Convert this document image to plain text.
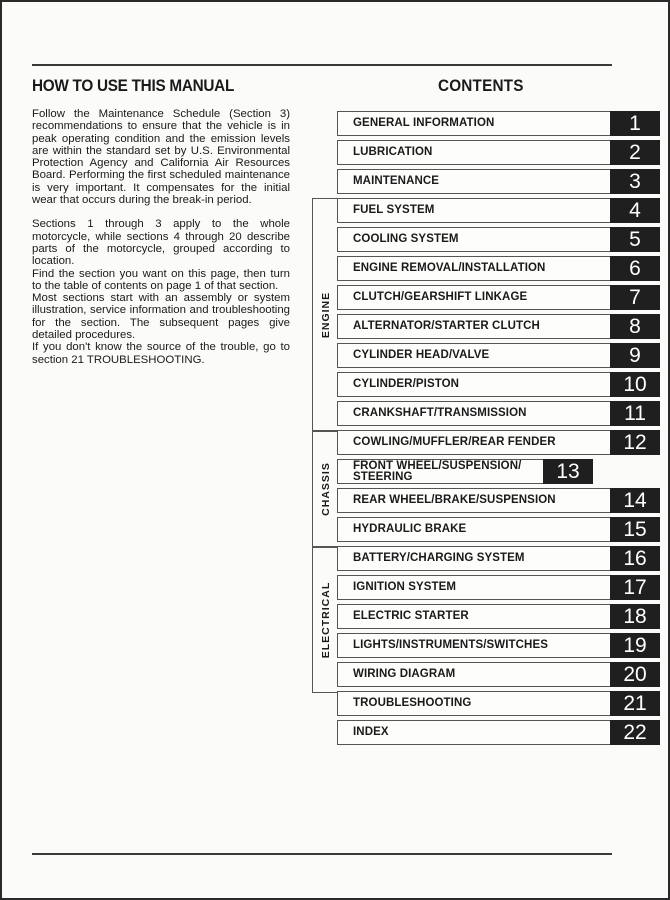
HOW TO USE THIS MANUAL

Follow the Maintenance Schedule (Section 3) recommendations to ensure that the vehicle is in peak operating condition and the emission levels are within the standard set by U.S. Environmental Protection Agency and California Air Resources Board. Performing the first scheduled maintenance is very important. It compensates for the initial wear that occurs during the break-in period.

Sections 1 through 3 apply to the whole motorcycle, while sections 4 through 20 describe parts of the motorcycle, grouped according to location.

Find the section you want on this page, then turn to the table of contents on page 1 of that section.

Most sections start with an assembly or system illustration, service information and troubleshooting for the section. The subsequent pages give detailed procedures.

If you don't know the source of the trouble, go to section 21 TROUBLESHOOTING.

CONTENTS
ENGINE
CHASSIS
ELECTRICAL
GENERAL INFORMATION	1
LUBRICATION	2
MAINTENANCE	3
FUEL SYSTEM	4
COOLING SYSTEM	5
ENGINE REMOVAL/INSTALLATION	6
CLUTCH/GEARSHIFT LINKAGE	7
ALTERNATOR/STARTER CLUTCH	8
CYLINDER HEAD/VALVE	9
CYLINDER/PISTON	10
CRANKSHAFT/TRANSMISSION	11
COWLING/MUFFLER/REAR FENDER	12
FRONT WHEEL/SUSPENSION/ STEERING	13
REAR WHEEL/BRAKE/SUSPENSION	14
HYDRAULIC BRAKE	15
BATTERY/CHARGING SYSTEM	16
IGNITION SYSTEM	17
ELECTRIC STARTER	18
LIGHTS/INSTRUMENTS/SWITCHES	19
WIRING DIAGRAM	20
TROUBLESHOOTING	21
INDEX	22
